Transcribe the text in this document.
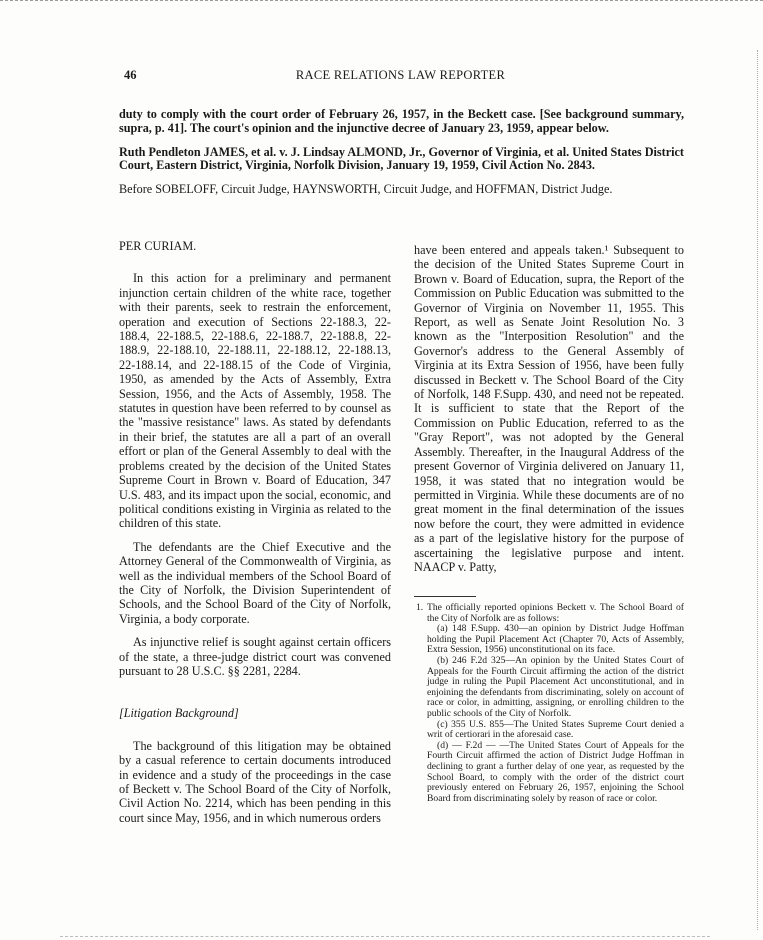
46	RACE RELATIONS LAW REPORTER

duty to comply with the court order of February 26, 1957, in the Beckett case. [See background summary, supra, p. 41]. The court's opinion and the injunctive decree of January 23, 1959, appear below.

Ruth Pendleton JAMES, et al. v. J. Lindsay ALMOND, Jr., Governor of Virginia, et al. United States District Court, Eastern District, Virginia, Norfolk Division, January 19, 1959, Civil Action No. 2843.

Before SOBELOFF, Circuit Judge, HAYNSWORTH, Circuit Judge, and HOFFMAN, District Judge.

PER CURIAM.

In this action for a preliminary and permanent injunction certain children of the white race, together with their parents, seek to restrain the enforcement, operation and execution of Sections 22-188.3, 22-188.4, 22-188.5, 22-188.6, 22-188.7, 22-188.8, 22-188.9, 22-188.10, 22-188.11, 22-188.12, 22-188.13, 22-188.14, and 22-188.15 of the Code of Virginia, 1950, as amended by the Acts of Assembly, Extra Session, 1956, and the Acts of Assembly, 1958. The statutes in question have been referred to by counsel as the "massive resistance" laws. As stated by defendants in their brief, the statutes are all a part of an overall effort or plan of the General Assembly to deal with the problems created by the decision of the United States Supreme Court in Brown v. Board of Education, 347 U.S. 483, and its impact upon the social, economic, and political conditions existing in Virginia as related to the children of this state.

The defendants are the Chief Executive and the Attorney General of the Commonwealth of Virginia, as well as the individual members of the School Board of the City of Norfolk, the Division Superintendent of Schools, and the School Board of the City of Norfolk, Virginia, a body corporate.

As injunctive relief is sought against certain officers of the state, a three-judge district court was convened pursuant to 28 U.S.C. §§ 2281, 2284.

[Litigation Background]

The background of this litigation may be obtained by a casual reference to certain documents introduced in evidence and a study of the proceedings in the case of Beckett v. The School Board of the City of Norfolk, Civil Action No. 2214, which has been pending in this court since May, 1956, and in which numerous orders

have been entered and appeals taken.¹ Subsequent to the decision of the United States Supreme Court in Brown v. Board of Education, supra, the Report of the Commission on Public Education was submitted to the Governor of Virginia on November 11, 1955. This Report, as well as Senate Joint Resolution No. 3 known as the "Interposition Resolution" and the Governor's address to the General Assembly of Virginia at its Extra Session of 1956, have been fully discussed in Beckett v. The School Board of the City of Norfolk, 148 F.Supp. 430, and need not be repeated. It is sufficient to state that the Report of the Commission on Public Education, referred to as the "Gray Report", was not adopted by the General Assembly. Thereafter, in the Inaugural Address of the present Governor of Virginia delivered on January 11, 1958, it was stated that no integration would be permitted in Virginia. While these documents are of no great moment in the final determination of the issues now before the court, they were admitted in evidence as a part of the legislative history for the purpose of ascertaining the legislative purpose and intent. NAACP v. Patty,

1. The officially reported opinions Beckett v. The School Board of the City of Norfolk are as follows:

(a) 148 F.Supp. 430—an opinion by District Judge Hoffman holding the Pupil Placement Act (Chapter 70, Acts of Assembly, Extra Session, 1956) unconstitutional on its face.

(b) 246 F.2d 325—An opinion by the United States Court of Appeals for the Fourth Circuit affirming the action of the district judge in ruling the Pupil Placement Act unconstitutional, and in enjoining the defendants from discriminating, solely on account of race or color, in admitting, assigning, or enrolling children to the public schools of the City of Norfolk.

(c) 355 U.S. 855—The United States Supreme Court denied a writ of certiorari in the aforesaid case.

(d) — F.2d — —The United States Court of Appeals for the Fourth Circuit affirmed the action of District Judge Hoffman in declining to grant a further delay of one year, as requested by the School Board, to comply with the order of the district court previously entered on February 26, 1957, enjoining the School Board from discriminating solely by reason of race or color.
